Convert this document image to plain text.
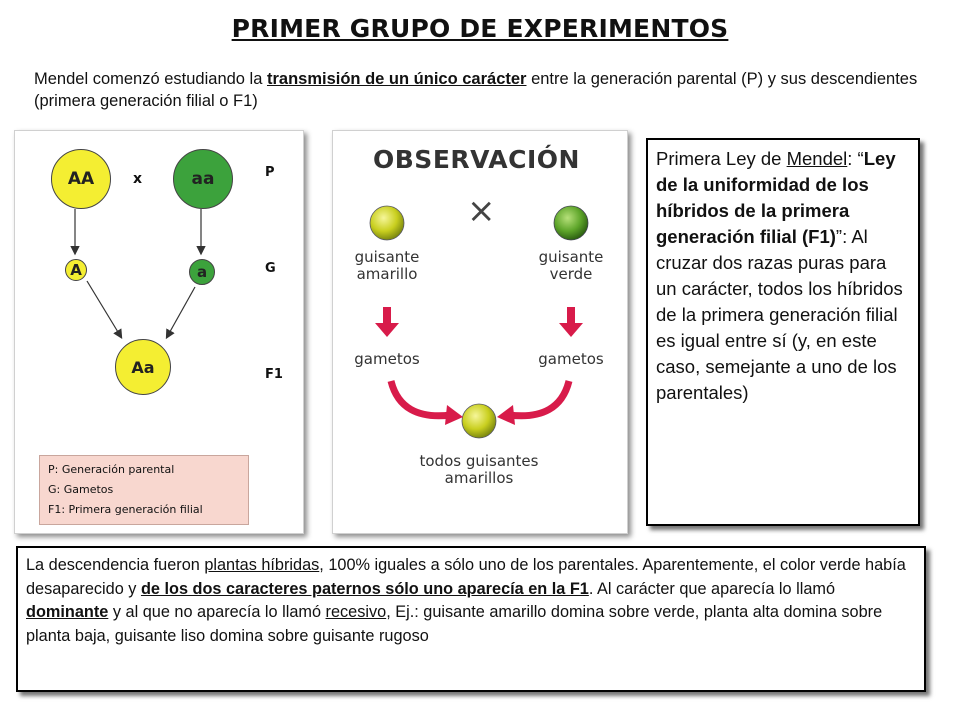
PRIMER GRUPO DE EXPERIMENTOS
Mendel comenzó estudiando la transmisión de un único carácter entre la generación parental (P) y sus descendientes (primera generación filial o F1)
AA	x	aa
A	a
Aa
P
G
F1
P: Generación parental
G: Gametos
F1: Primera generación filial
OBSERVACIÓN
×
guisante
amarillo
guisante
verde
gametos	gametos
todos guisantes
amarillos
Primera Ley de Mendel: “Ley de la uniformidad de los híbridos de la primera generación filial (F1)”: Al cruzar dos razas puras para un carácter, todos los híbridos de la primera generación filial es igual entre sí (y, en este caso, semejante a uno de los parentales)
La descendencia fueron plantas híbridas, 100% iguales a sólo uno de los parentales. Aparentemente, el color verde había desaparecido y de los dos caracteres paternos sólo uno aparecía en la F1. Al carácter que aparecía lo llamó dominante y al que no aparecía lo llamó recesivo, Ej.: guisante amarillo domina sobre verde, planta alta domina sobre planta baja, guisante liso domina sobre guisante rugoso
